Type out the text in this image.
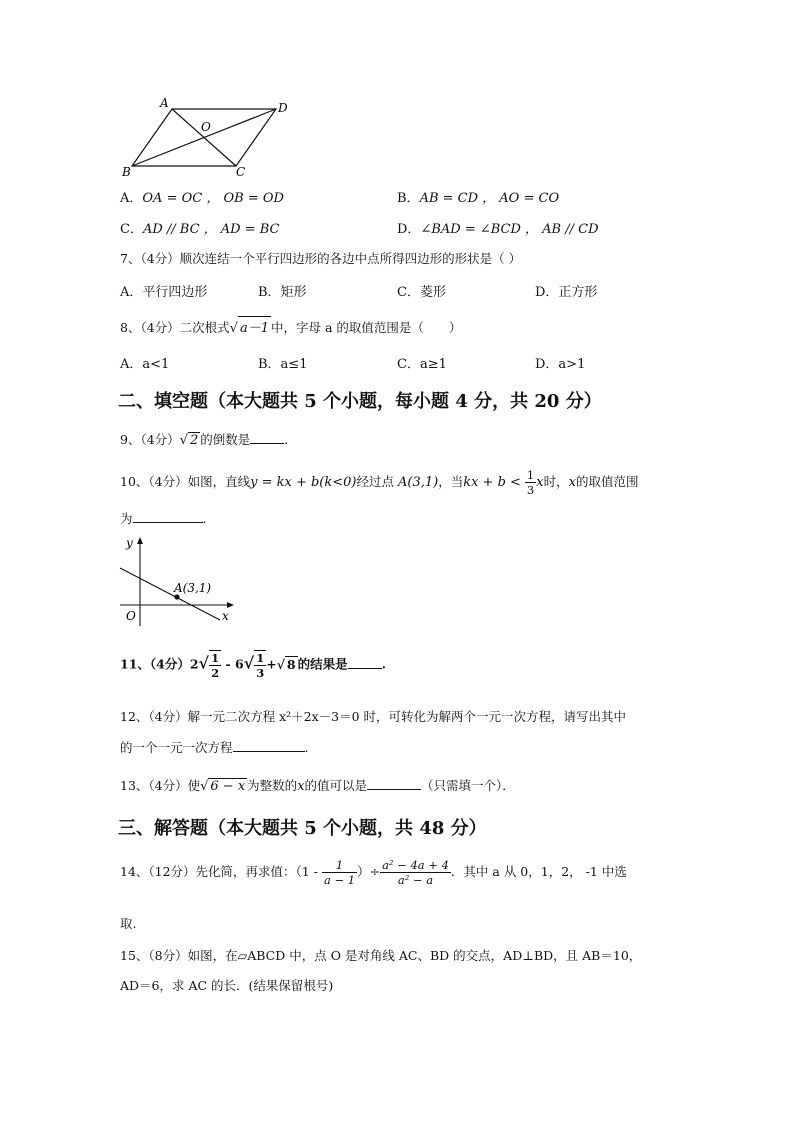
A	D
O
B	C
A．OA = OC ， OB = OD	B．AB = CD ， AO = CO
C．AD // BC ， AD = BC	D．∠BAD = ∠BCD ， AB // CD
7、（4分）顺次连结一个平行四边形的各边中点所得四边形的形状是（ ）
A．平行四边形	B．矩形	C．菱形	D．正方形
8、（4分）二次根式√ a－1 中，字母 a 的取值范围是（　　）
A．a<1	B．a≤1	C．a≥1	D．a>1
二、填空题（本大题共 5 个小题，每小题 4 分，共 20 分）
9、（4分）√ 2 的倒数是	.
10、（4分）如图，直线y = kx + b(k<0)经过点 A(3,1)，当kx + $b < \frac{1}{3}$ x时，x的取值范围
为	.
y
x
O
A(3,1)
11、（4分）$2√ \frac{1}{2} - 6√ \frac{1}{3}$ +√ 8 的结果是	.
12、（4分）解一元二次方程 x²＋2x－3＝0 时，可转化为解两个一元一次方程，请写出其中
的一个一元一次方程	.
13、（4分）使√ 6 − x 为整数的x的值可以是	（只需填一个）．
三、解答题（本大题共 5 个小题，共 48 分）
14、（12分）先化简，再求值：（$1 - \frac{1}{a - 1}$ ）÷ $\frac{\text{a² − 4a + 4}}{\text{a² − a}}$ ．其中 a 从 0，1，2， -1 中选
取.
15、（8分）如图，在▱ABCD 中，点 O 是对角线 AC、BD 的交点，AD⊥BD，且 AB＝10，
AD＝6，求 AC 的长．(结果保留根号)
